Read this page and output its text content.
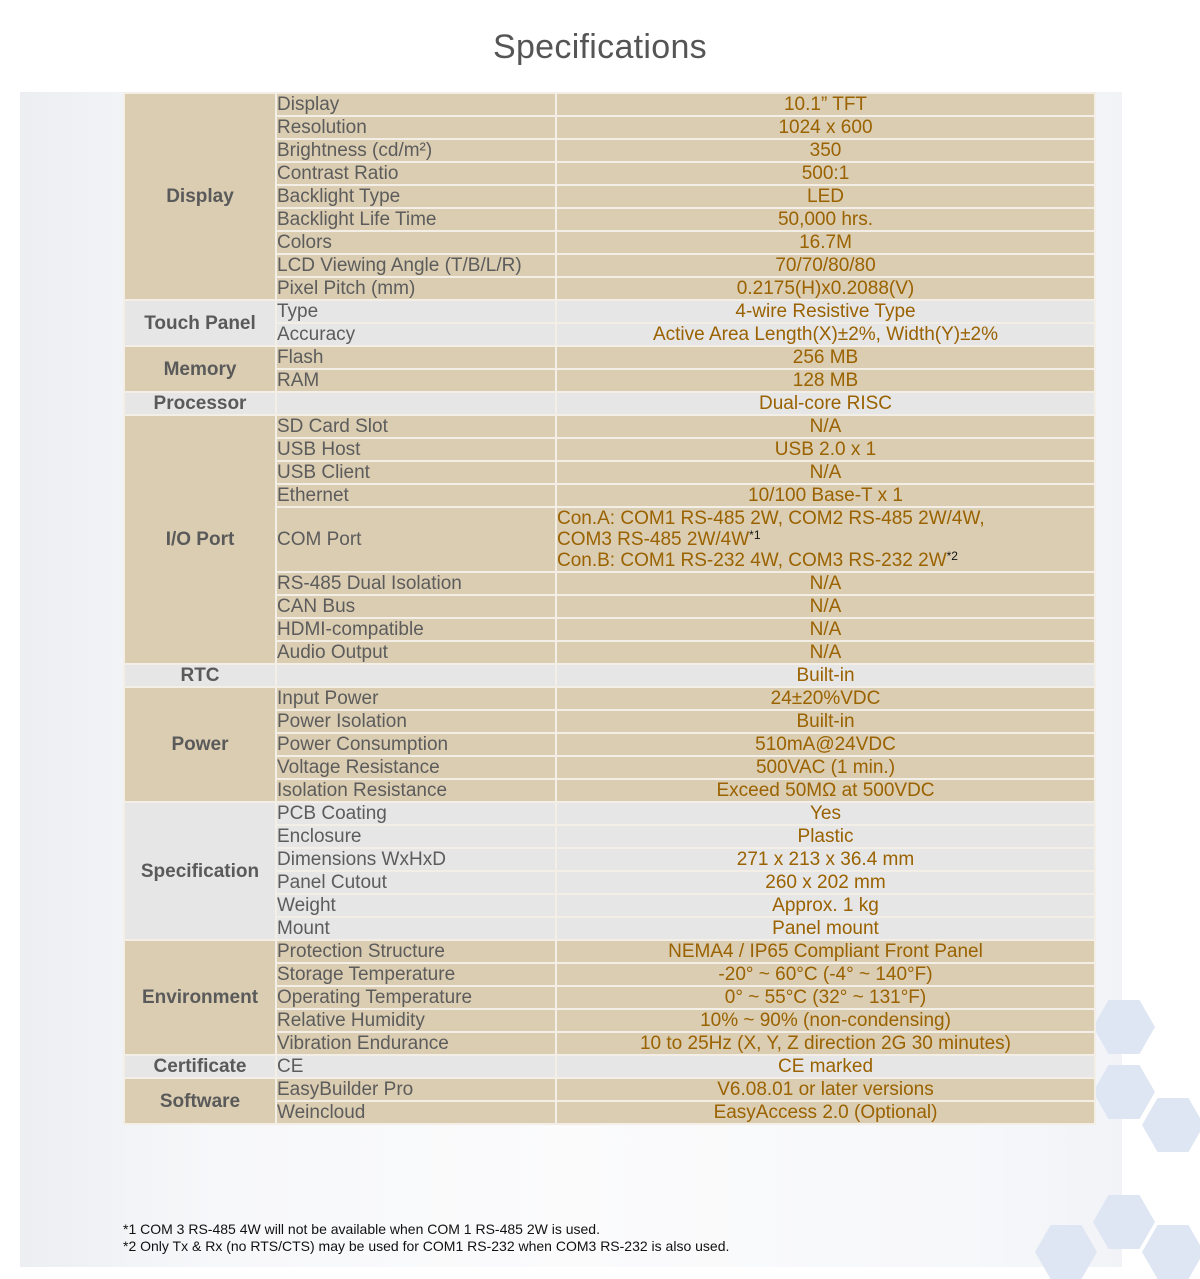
Specifications
Display	Display	10.1” TFT
	Resolution	1024 x 600
	Brightness (cd/m²)	350
	Contrast Ratio	500:1
	Backlight Type	LED
	Backlight Life Time	50,000 hrs.
	Colors	16.7M
	LCD Viewing Angle (T/B/L/R)	70/70/80/80
	Pixel Pitch (mm)	0.2175(H)x0.2088(V)
Touch Panel	Type	4-wire Resistive Type
	Accuracy	Active Area Length(X)±2%, Width(Y)±2%
Memory	Flash	256 MB
	RAM	128 MB
Processor		Dual-core RISC
I/O Port	SD Card Slot	N/A
	USB Host	USB 2.0 x 1
	USB Client	N/A
	Ethernet	10/100 Base-T x 1
	COM Port	Con.A: COM1 RS-485 2W, COM2 RS-485 2W/4W,
COM3 RS-485 2W/4W$^{*1}$
Con.B: COM1 RS-232 4W, COM3 RS-232 2W$^{*2}$

	RS-485 Dual Isolation	N/A
	CAN Bus	N/A
	HDMI-compatible	N/A
	Audio Output	N/A
RTC		Built-in
Power	Input Power	24±20%VDC
	Power Isolation	Built-in
	Power Consumption	510mA@24VDC
	Voltage Resistance	500VAC (1 min.)
	Isolation Resistance	Exceed 50MΩ at 500VDC
Specification	PCB Coating	Yes
	Enclosure	Plastic
	Dimensions WxHxD	271 x 213 x 36.4 mm
	Panel Cutout	260 x 202 mm
	Weight	Approx. 1 kg
	Mount	Panel mount
Environment	Protection Structure	NEMA4 / IP65 Compliant Front Panel
	Storage Temperature	-20° ~ 60°C (-4° ~ 140°F)
	Operating Temperature	0° ~ 55°C (32° ~ 131°F)
	Relative Humidity	10% ~ 90% (non-condensing)
	Vibration Endurance	10 to 25Hz (X, Y, Z direction 2G 30 minutes)
Certificate	CE	CE marked
Software	EasyBuilder Pro	V6.08.01 or later versions
	Weincloud	EasyAccess 2.0 (Optional)
*1 COM 3 RS-485 4W will not be available when COM 1 RS-485 2W is used.
*2 Only Tx & Rx (no RTS/CTS) may be used for COM1 RS-232 when COM3 RS-232 is also used.
